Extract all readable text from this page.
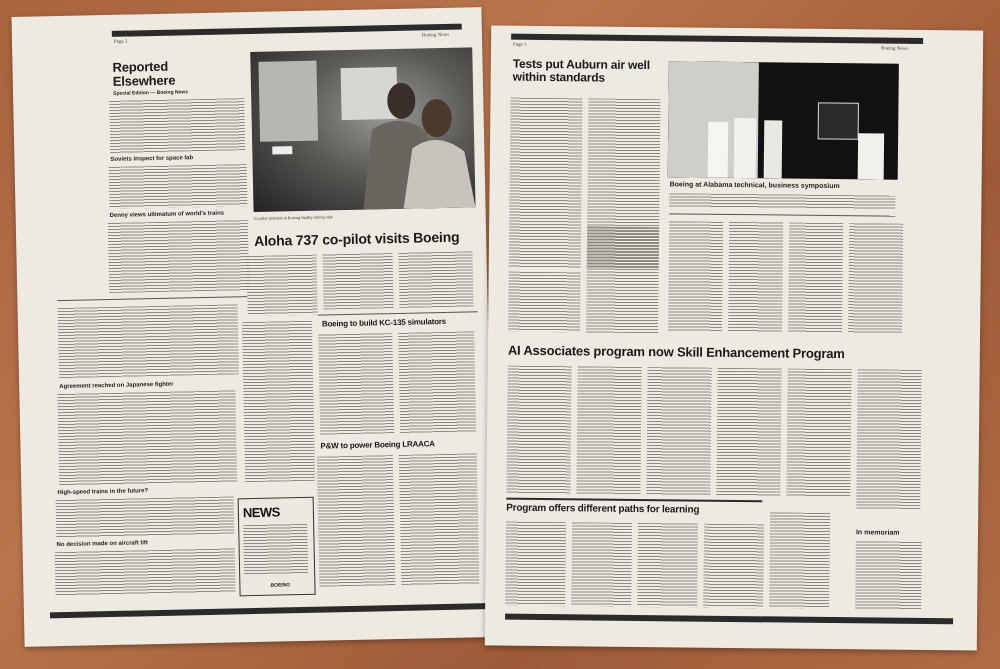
Page 2
Boeing News
Reported Elsewhere
Special Edition — Boeing News
Soviets inspect for space lab
Denny views ultimatum of world's trains
Agreement reached on Japanese fighter
High-speed trains in the future?
No decision made on aircraft lift
Co-pilot greeted at Boeing facility during visit
Aloha 737 co-pilot visits Boeing
Boeing to build KC-135 simulators
P&W to power Boeing LRAACA
NEWS
BOEING
Page 3
Boeing News
Tests put Auburn air well within standards
Boeing at Alabama technical, business symposium
AI Associates program now Skill Enhancement Program
Program offers different paths for learning
In memoriam
